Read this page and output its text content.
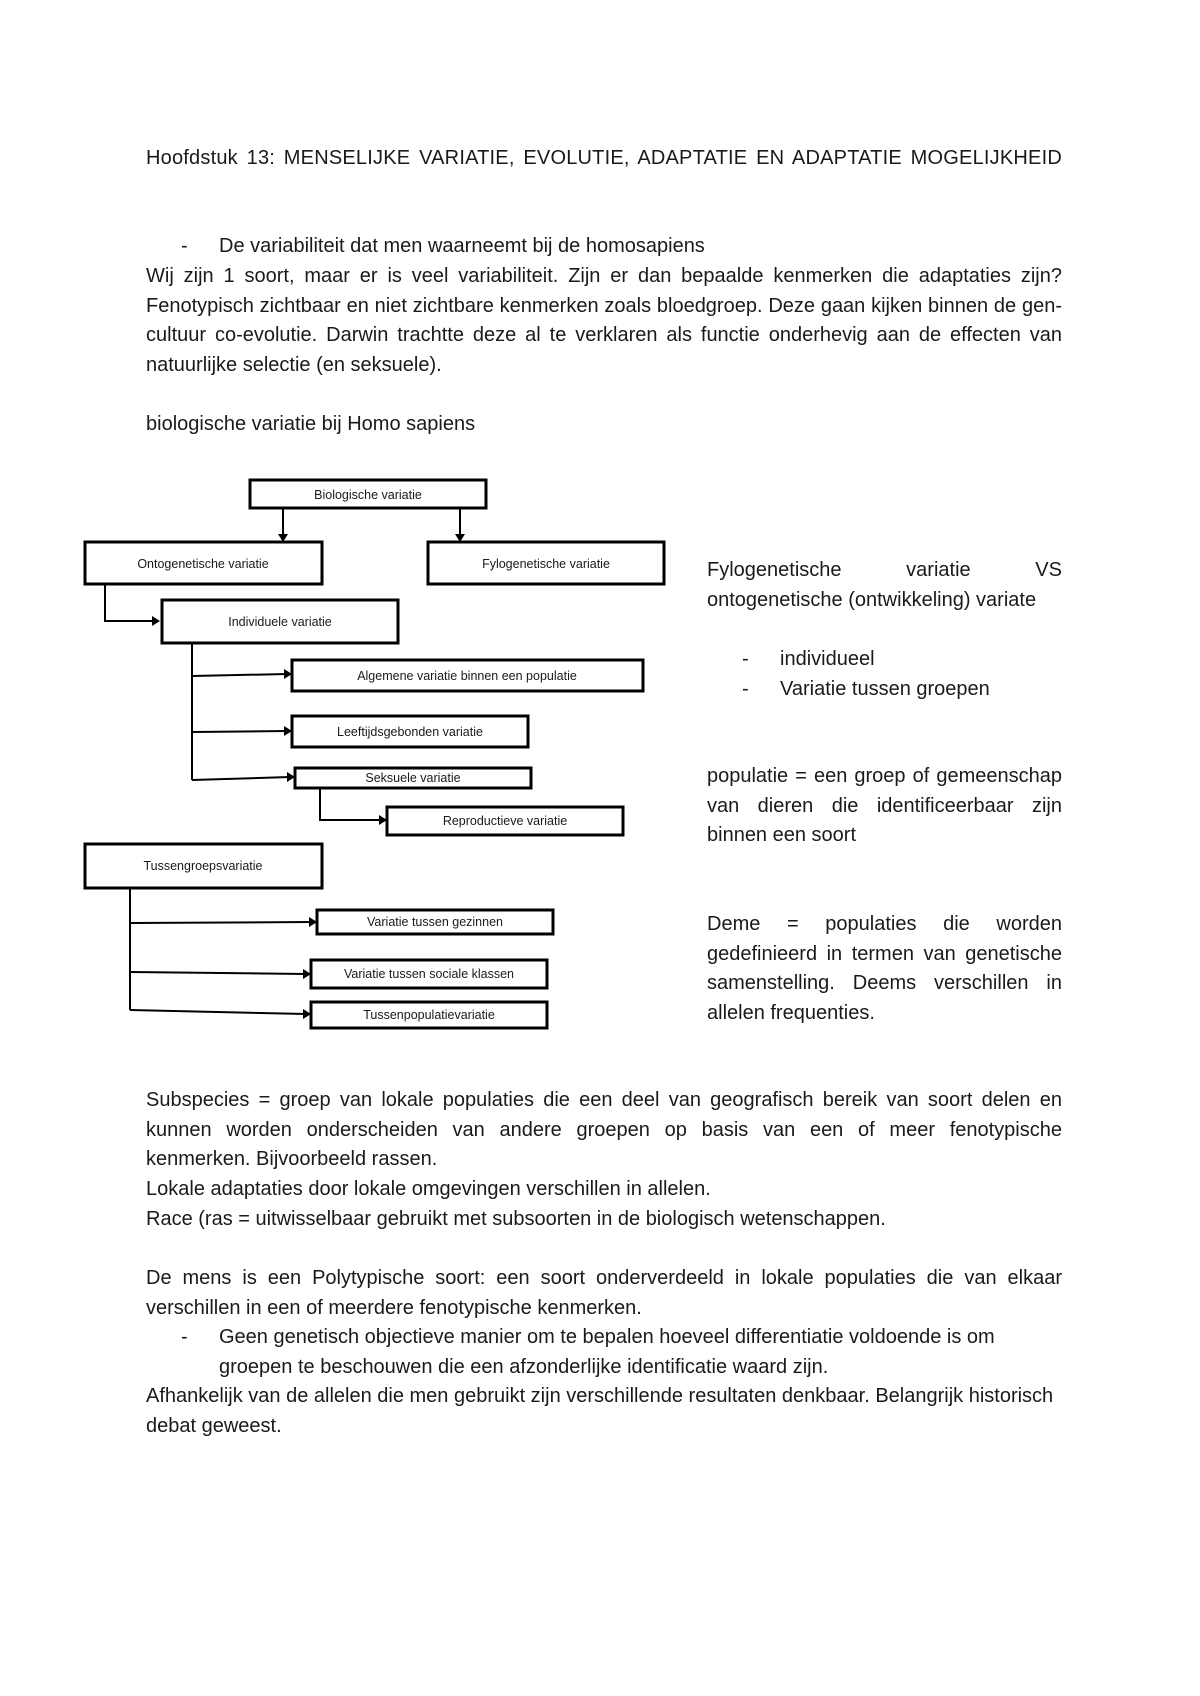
Hoofdstuk 13: MENSELIJKE VARIATIE, EVOLUTIE, ADAPTATIE EN ADAPTATIE MOGELIJKHEID

- De variabiliteit dat men waarneemt bij de homosapiens

Wij zijn 1 soort, maar er is veel variabiliteit. Zijn er dan bepaalde kenmerken die adaptaties zijn? Fenotypisch zichtbaar en niet zichtbare kenmerken zoals bloedgroep. Deze gaan kijken binnen de gen-cultuur co-evolutie. Darwin trachtte deze al te verklaren als functie onderhevig aan de effecten van natuurlijke selectie (en seksuele).

biologische variatie bij Homo sapiens

Biologische variatie
Ontogenetische variatie	Fylogenetische variatie
Individuele variatie
Algemene variatie binnen een populatie
Leeftijdsgebonden variatie
Seksuele variatie
Reproductieve variatie
Tussengroepsvariatie
Variatie tussen gezinnen
Variatie tussen sociale klassen
Tussenpopulatievariatie

Fylogenetische variatie VS ontogenetische (ontwikkeling) variate

- individueel
- Variatie tussen groepen

populatie = een groep of gemeenschap van dieren die identificeerbaar zijn binnen een soort

Deme = populaties die worden gedefinieerd in termen van genetische samenstelling. Deems verschillen in allelen frequenties.

Subspecies = groep van lokale populaties die een deel van geografisch bereik van soort delen en kunnen worden onderscheiden van andere groepen op basis van een of meer fenotypische kenmerken. Bijvoorbeeld rassen.

Lokale adaptaties door lokale omgevingen verschillen in allelen.

Race (ras = uitwisselbaar gebruikt met subsoorten in de biologisch wetenschappen.

De mens is een Polytypische soort: een soort onderverdeeld in lokale populaties die van elkaar verschillen in een of meerdere fenotypische kenmerken.

- Geen genetisch objectieve manier om te bepalen hoeveel differentiatie voldoende is om groepen te beschouwen die een afzonderlijke identificatie waard zijn.

Afhankelijk van de allelen die men gebruikt zijn verschillende resultaten denkbaar. Belangrijk historisch debat geweest.
